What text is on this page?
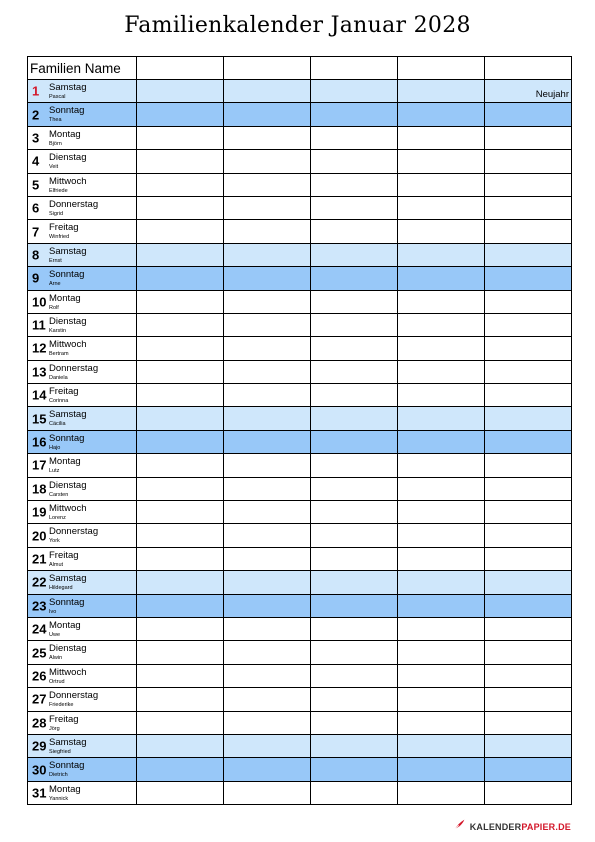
Familienkalender Januar 2028
Familien Name					

1 Samstag
Pascal					Neujahr

2 Sonntag
Thea					

3 Montag
Björn					

4 Dienstag
Veit					

5 Mittwoch
Elfriede					

6 Donnerstag
Sigrid					

7 Freitag
Winfried					

8 Samstag
Ernst					

9 Sonntag
Arne					

10 Montag
Rolf					

11 Dienstag
Karstin					

12 Mittwoch
Bertram					

13 Donnerstag
Daniela					

14 Freitag
Corinna					

15 Samstag
Cäcilia					

16 Sonntag
Hajo					

17 Montag
Lutz					

18 Dienstag
Carsten					

19 Mittwoch
Lorenz					

20 Donnerstag
York					

21 Freitag
Almut					

22 Samstag
Hildegard					

23 Sonntag
Ivo					

24 Montag
Uwe					

25 Dienstag
Alwin					

26 Mittwoch
Ortrud					

27 Donnerstag
Friederike					

28 Freitag
Jörg					

29 Samstag
Siegfried					

30 Sonntag
Dietrich					

31 Montag
Yannick					

KALENDERPAPIER.DE
